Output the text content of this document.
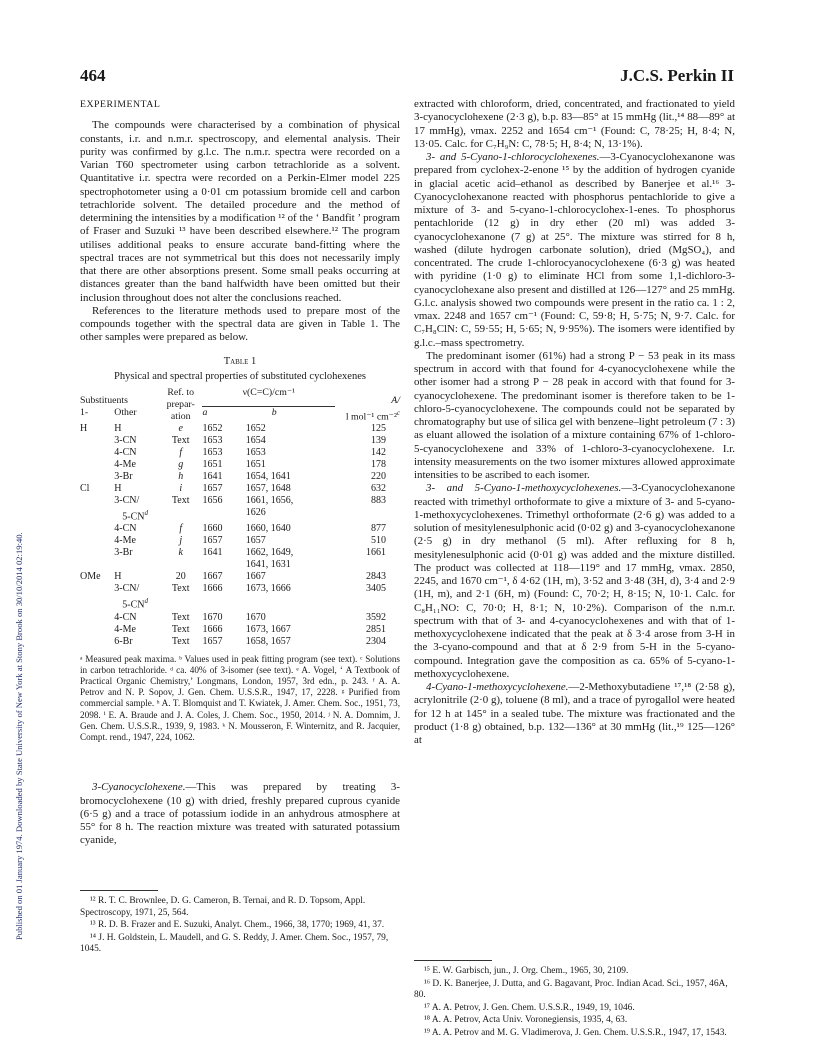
Published on 01 January 1974. Downloaded by State University of New York at Stony Brook on 30/10/2014 02:19:40.
464	J.C.S. Perkin II

EXPERIMENTAL

The compounds were characterised by a combination of physical constants, i.r. and n.m.r. spectroscopy, and elemental analysis. Their purity was confirmed by g.l.c. The n.m.r. spectra were recorded on a Varian T60 spectrometer using carbon tetrachloride as a solvent. Quantitative i.r. spectra were recorded on a Perkin-Elmer model 225 spectrophotometer using a 0·01 cm potassium bromide cell and carbon tetrachloride solvent. The detailed procedure and the method of determining the intensities by a modification ¹² of the ‘ Bandfit ’ program of Fraser and Suzuki ¹³ have been described elsewhere.¹² The program utilises additional peaks to ensure accurate band-fitting where the spectral traces are not symmetrical but this does not necessarily imply that there are other absorptions present. Some small peaks occurring at distances greater than the band halfwidth have been omitted but their inclusion throughout does not alter the conclusions reached.

References to the literature methods used to prepare most of the compounds together with the spectral data are given in Table 1. The other samples were prepared as below.

Table 1

Physical and spectral properties of substituted cyclohexenes

Substituents		Ref. to prepar-ation	ν(C=C)/cm⁻¹		A/
1-	Other		a	b	l mol⁻¹ cm⁻²$^c$
H	H	e	1652	1652	125
	3-CN	Text	1653	1654	139
	4-CN	f	1653	1653	142
	4-Me	g	1651	1651	178
	3-Br	h	1641	1654, 1641	220
Cl	H	i	1657	1657, 1648	632
	3-CN/	Text	1656	1661, 1656,	883
	$5-CN^d$			1626	
	4-CN	f	1660	1660, 1640	877
	4-Me	j	1657	1657	510
	3-Br	k	1641	1662, 1649,	1661
				1641, 1631	
OMe	H	20	1667	1667	2843
	3-CN/	Text	1666	1673, 1666	3405
	$5-CN^d$				
	4-CN	Text	1670	1670	3592
	4-Me	Text	1666	1673, 1667	2851
	6-Br	Text	1657	1658, 1657	2304
ᵃ Measured peak maxima. ᵇ Values used in peak fitting program (see text). ᶜ Solutions in carbon tetrachloride. ᵈ ca. 40% of 3-isomer (see text). ᵉ A. Vogel, ‘ A Textbook of Practical Organic Chemistry,’ Longmans, London, 1957, 3rd edn., p. 243. ᶠ A. A. Petrov and N. P. Sopov, J. Gen. Chem. U.S.S.R., 1947, 17, 2228. ᵍ Purified from commercial sample. ʰ A. T. Blomquist and T. Kwiatek, J. Amer. Chem. Soc., 1951, 73, 2098. ⁱ E. A. Braude and J. A. Coles, J. Chem. Soc., 1950, 2014. ʲ N. A. Domnim, J. Gen. Chem. U.S.S.R., 1939, 9, 1983. ᵏ N. Mousseron, F. Winternitz, and R. Jacquier, Compt. rend., 1947, 224, 1062.

3-Cyanocyclohexene.—This was prepared by treating 3-bromocyclohexene (10 g) with dried, freshly prepared cuprous cyanide (6·5 g) and a trace of potassium iodide in an anhydrous atmosphere at 55° for 8 h. The reaction mixture was treated with saturated potassium cyanide,

¹² R. T. C. Brownlee, D. G. Cameron, B. Ternai, and R. D. Topsom, Appl. Spectroscopy, 1971, 25, 564.

¹³ R. D. B. Frazer and E. Suzuki, Analyt. Chem., 1966, 38, 1770; 1969, 41, 37.

¹⁴ J. H. Goldstein, L. Maudell, and G. S. Reddy, J. Amer. Chem. Soc., 1957, 79, 1045.

extracted with chloroform, dried, concentrated, and fractionated to yield 3-cyanocyclohexene (2·3 g), b.p. 83—85° at 15 mmHg (lit.,¹⁴ 88—89° at 17 mmHg), νmax. 2252 and 1654 cm⁻¹ (Found: C, 78·25; H, 8·4; N, 13·05. Calc. for C₇H₉N: C, 78·5; H, 8·4; N, 13·1%).

3- and 5-Cyano-1-chlorocyclohexenes.—3-Cyanocyclohexanone was prepared from cyclohex-2-enone ¹⁵ by the addition of hydrogen cyanide in glacial acetic acid–ethanol as described by Banerjee et al.¹⁶ 3-Cyanocyclohexanone reacted with phosphorus pentachloride to give a mixture of 3- and 5-cyano-1-chlorocyclohex-1-enes. To phosphorus pentachloride (12 g) in dry ether (20 ml) was added 3-cyanocyclohexanone (7 g) at 25°. The mixture was stirred for 8 h, washed (dilute hydrogen carbonate solution), dried (MgSO₄), and concentrated. The crude 1-chlorocyanocyclohexene (6·3 g) was heated with pyridine (1·0 g) to eliminate HCl from some 1,1-dichloro-3-cyanocyclohexane also present and distilled at 126—127° and 25 mmHg. G.l.c. analysis showed two compounds were present in the ratio ca. 1 : 2, νmax. 2248 and 1657 cm⁻¹ (Found: C, 59·8; H, 5·75; N, 9·7. Calc. for C₇H₈ClN: C, 59·55; H, 5·65; N, 9·95%). The isomers were identified by g.l.c.–mass spectrometry.

The predominant isomer (61%) had a strong P − 53 peak in its mass spectrum in accord with that found for 4-cyanocyclohexene while the other isomer had a strong P − 28 peak in accord with that found for 3-cyanocyclohexene. The predominant isomer is therefore taken to be 1-chloro-5-cyanocyclohexene. The compounds could not be separated by chromatography but use of silica gel with benzene–light petroleum (7 : 3) as eluant allowed the isolation of a mixture containing 67% of 1-chloro-5-cyanocyclohexene and 33% of 1-chloro-3-cyanocyclohexene. I.r. intensity measurements on the two isomer mixtures allowed approximate intensities to be ascribed to each isomer.

3- and 5-Cyano-1-methoxycyclohexenes.—3-Cyanocyclohexanone reacted with trimethyl orthoformate to give a mixture of 3- and 5-cyano-1-methoxycyclohexenes. Trimethyl orthoformate (2·6 g) was added to a solution of mesitylenesulphonic acid (0·02 g) and 3-cyanocyclohexanone (2·5 g) in dry methanol (5 ml). After refluxing for 8 h, mesitylenesulphonic acid (0·01 g) was added and the mixture distilled. The product was collected at 118—119° and 17 mmHg, νmax. 2850, 2245, and 1670 cm⁻¹, δ 4·62 (1H, m), 3·52 and 3·48 (3H, d), 3·4 and 2·9 (1H, m), and 2·1 (6H, m) (Found: C, 70·2; H, 8·15; N, 10·1. Calc. for C₈H₁₁NO: C, 70·0; H, 8·1; N, 10·2%). Comparison of the n.m.r. spectrum with that of 3- and 4-cyanocyclohexenes and with that of 1-methoxycyclohexene indicated that the peak at δ 3·4 arose from 3-H in the 3-cyano-compound and that at δ 2·9 from 5-H in the 5-cyano-compound. Integration gave the composition as ca. 65% of 5-cyano-1-methoxycyclohexene.

4-Cyano-1-methoxycyclohexene.—2-Methoxybutadiene ¹⁷,¹⁸ (2·58 g), acrylonitrile (2·0 g), toluene (8 ml), and a trace of pyrogallol were heated for 12 h at 145° in a sealed tube. The mixture was fractionated and the product (1·8 g) obtained, b.p. 132—136° at 30 mmHg (lit.,¹⁹ 125—126° at

¹⁵ E. W. Garbisch, jun., J. Org. Chem., 1965, 30, 2109.

¹⁶ D. K. Banerjee, J. Dutta, and G. Bagavant, Proc. Indian Acad. Sci., 1957, 46A, 80.

¹⁷ A. A. Petrov, J. Gen. Chem. U.S.S.R., 1949, 19, 1046.

¹⁸ A. A. Petrov, Acta Univ. Voronegiensis, 1935, 4, 63.

¹⁹ A. A. Petrov and M. G. Vladimerova, J. Gen. Chem. U.S.S.R., 1947, 17, 1543.
